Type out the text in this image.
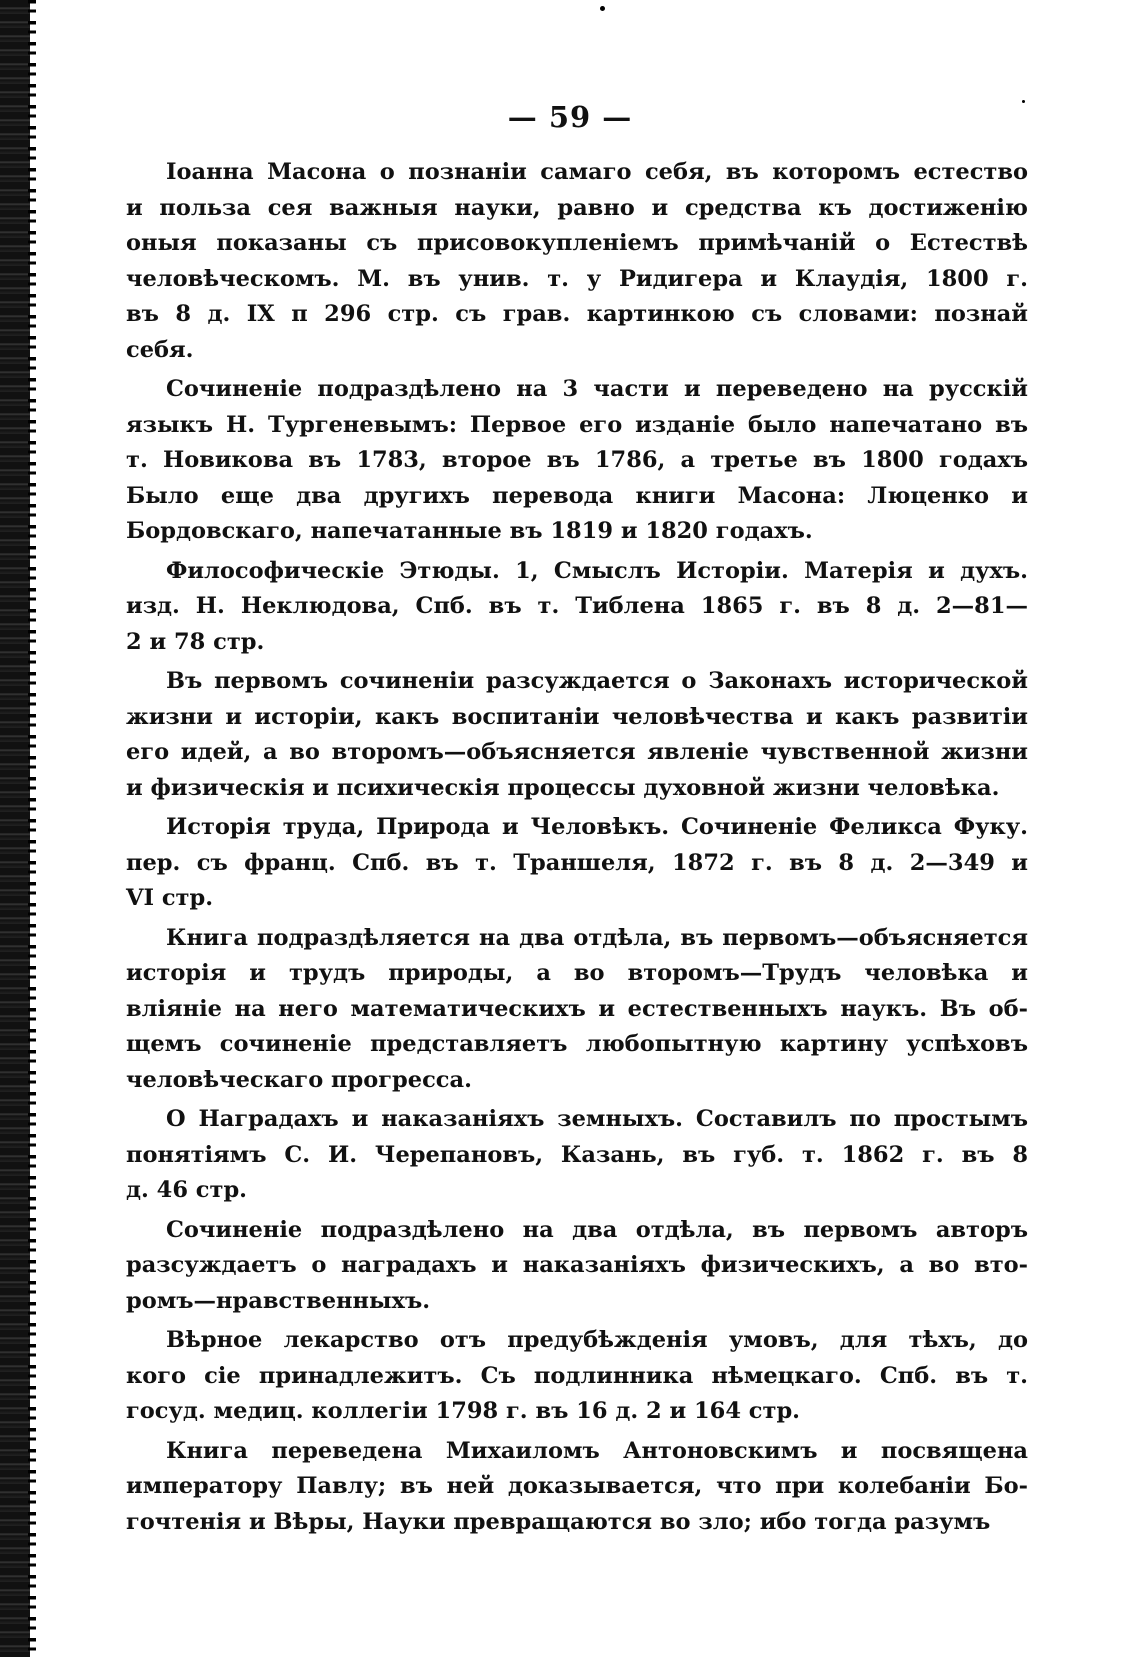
— 59 —
Іоанна Масона о познаніи самаго себя, въ которомъ естество
и польза сея важныя науки, равно и средства къ достиженію
оныя показаны съ присовокупленіемъ примѣчаній о Естествѣ
человѣческомъ. М. въ унив. т. у Ридигера и Клаудія, 1800 г.
въ 8 д. IX п 296 стр. съ грав. картинкою съ словами: познай
себя.
Сочиненіе подраздѣлено на 3 части и переведено на русскій
языкъ Н. Тургеневымъ: Первое его изданіе было напечатано въ
т. Новикова въ 1783, второе въ 1786, а третье въ 1800 годахъ
Было еще два другихъ перевода книги Масона: Люценко и
Бордовскаго, напечатанные въ 1819 и 1820 годахъ.
Философическіе Этюды. 1, Смыслъ Исторіи. Матерія и духъ.
изд. Н. Неклюдова, Спб. въ т. Тиблена 1865 г. въ 8 д. 2—81—
2 и 78 стр.
Въ первомъ сочиненіи разсуждается о Законахъ исторической
жизни и исторіи, какъ воспитаніи человѣчества и какъ развитіи
его идей, а во второмъ—объясняется явленіе чувственной жизни
и физическія и психическія процессы духовной жизни человѣка.
Исторія труда, Природа и Человѣкъ. Сочиненіе Феликса Фуку.
пер. съ франц. Спб. въ т. Траншеля, 1872 г. въ 8 д. 2—349 и
VI стр.
Книга подраздѣляется на два отдѣла, въ первомъ—объясняется
исторія и трудъ природы, а во второмъ—Трудъ человѣка и
вліяніе на него математическихъ и естественныхъ наукъ. Въ об-
щемъ сочиненіе представляетъ любопытную картину успѣховъ
человѣческаго прогресса.
О Наградахъ и наказаніяхъ земныхъ. Составилъ по простымъ
понятіямъ С. И. Черепановъ, Казань, въ губ. т. 1862 г. въ 8
д. 46 стр.
Сочиненіе подраздѣлено на два отдѣла, въ первомъ авторъ
разсуждаетъ о наградахъ и наказаніяхъ физическихъ, а во вто-
ромъ—нравственныхъ.
Вѣрное лекарство отъ предубѣжденія умовъ, для тѣхъ, до
кого сіе принадлежитъ. Съ подлинника нѣмецкаго. Спб. въ т.
госуд. медиц. коллегіи 1798 г. въ 16 д. 2 и 164 стр.
Книга переведена Михаиломъ Антоновскимъ и посвящена
императору Павлу; въ ней доказывается, что при колебаніи Бо-
гочтенія и Вѣры, Науки превращаются во зло; ибо тогда разумъ
